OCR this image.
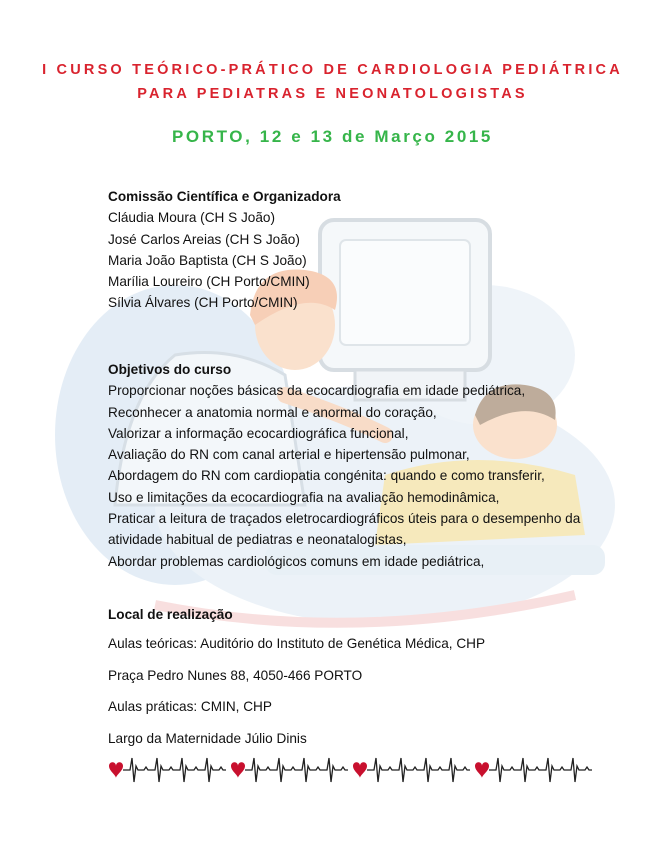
I CURSO TEÓRICO-PRÁTICO DE CARDIOLOGIA PEDIÁTRICA
PARA PEDIATRAS E NEONATOLOGISTAS
PORTO, 12 e 13 de Março 2015
Comissão Científica e Organizadora
Cláudia Moura (CH S João)
José Carlos Areias (CH S João)
Maria João Baptista (CH S João)
Marília Loureiro (CH Porto/CMIN)
Sílvia Álvares (CH Porto/CMIN)
Objetivos do curso
Proporcionar noções básicas da ecocardiografia em idade pediátrica,
Reconhecer a anatomia normal e anormal do coração,
Valorizar a informação ecocardiográfica funcional,
Avaliação do RN com canal arterial e hipertensão pulmonar,
Abordagem do RN com cardiopatia congénita: quando e como transferir,
Uso e limitações da ecocardiografia na avaliação hemodinâmica,
Praticar a leitura de traçados eletrocardiográficos úteis para o desempenho da
atividade habitual de pediatras e neonatalogistas,
Abordar problemas cardiológicos comuns em idade pediátrica,
Local de realização
Aulas teóricas: Auditório do Instituto de Genética Médica, CHP
Praça Pedro Nunes 88, 4050-466 PORTO
Aulas práticas: CMIN, CHP
Largo da Maternidade Júlio Dinis
